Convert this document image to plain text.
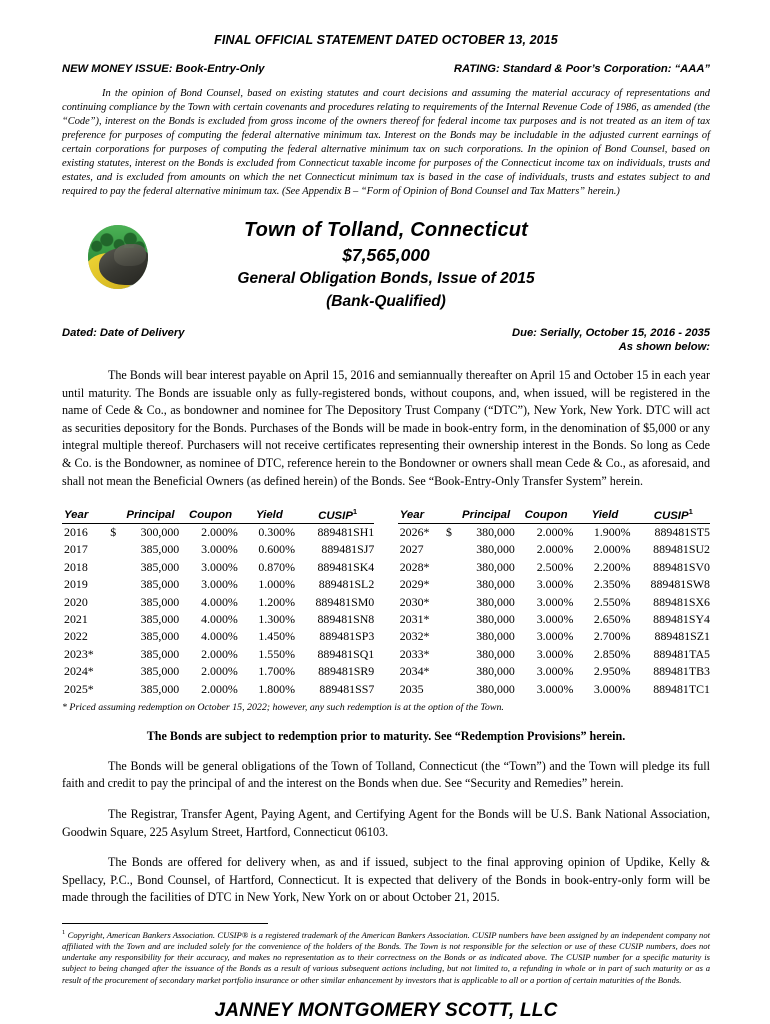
FINAL OFFICIAL STATEMENT DATED OCTOBER 13, 2015
NEW MONEY ISSUE: Book-Entry-Only	RATING: Standard & Poor’s Corporation: “AAA”
In the opinion of Bond Counsel, based on existing statutes and court decisions and assuming the material accuracy of representations and continuing compliance by the Town with certain covenants and procedures relating to requirements of the Internal Revenue Code of 1986, as amended (the “Code”), interest on the Bonds is excluded from gross income of the owners thereof for federal income tax purposes and is not treated as an item of tax preference for purposes of computing the federal alternative minimum tax. Interest on the Bonds may be includable in the adjusted current earnings of certain corporations for purposes of computing the federal alternative minimum tax on such corporations. In the opinion of Bond Counsel, based on existing statutes, interest on the Bonds is excluded from Connecticut taxable income for purposes of the Connecticut income tax on individuals, trusts and estates, and is excluded from amounts on which the net Connecticut minimum tax is based in the case of individuals, trusts and estates subject to and required to pay the federal alternative minimum tax. (See Appendix B – “Form of Opinion of Bond Counsel and Tax Matters” herein.)
Town of Tolland, Connecticut
$7,565,000
General Obligation Bonds, Issue of 2015
(Bank-Qualified)
Dated: Date of Delivery	Due: Serially, October 15, 2016 - 2035
As shown below:
The Bonds will bear interest payable on April 15, 2016 and semiannually thereafter on April 15 and October 15 in each year until maturity. The Bonds are issuable only as fully-registered bonds, without coupons, and, when issued, will be registered in the name of Cede & Co., as bondowner and nominee for The Depository Trust Company (“DTC”), New York, New York. DTC will act as securities depository for the Bonds. Purchases of the Bonds will be made in book-entry form, in the denomination of $5,000 or any integral multiple thereof. Purchasers will not receive certificates representing their ownership interest in the Bonds. So long as Cede & Co. is the Bondowner, as nominee of DTC, reference herein to the Bondowner or owners shall mean Cede & Co., as aforesaid, and shall not mean the Beneficial Owners (as defined herein) of the Bonds. See “Book-Entry-Only Transfer System” herein.
Year		Principal	Coupon	Yield	CUSIP$^1$
2016	$	300,000	2.000%	0.300%	889481SH1
2017		385,000	3.000%	0.600%	889481SJ7
2018		385,000	3.000%	0.870%	889481SK4
2019		385,000	3.000%	1.000%	889481SL2
2020		385,000	4.000%	1.200%	889481SM0
2021		385,000	4.000%	1.300%	889481SN8
2022		385,000	4.000%	1.450%	889481SP3
2023*		385,000	2.000%	1.550%	889481SQ1
2024*		385,000	2.000%	1.700%	889481SR9
2025*		385,000	2.000%	1.800%	889481SS7
Year		Principal	Coupon	Yield	CUSIP$^1$
2026*	$	380,000	2.000%	1.900%	889481ST5
2027		380,000	2.000%	2.000%	889481SU2
2028*		380,000	2.500%	2.200%	889481SV0
2029*		380,000	3.000%	2.350%	889481SW8
2030*		380,000	3.000%	2.550%	889481SX6
2031*		380,000	3.000%	2.650%	889481SY4
2032*		380,000	3.000%	2.700%	889481SZ1
2033*		380,000	3.000%	2.850%	889481TA5
2034*		380,000	3.000%	2.950%	889481TB3
2035		380,000	3.000%	3.000%	889481TC1
* Priced assuming redemption on October 15, 2022; however, any such redemption is at the option of the Town.
The Bonds are subject to redemption prior to maturity. See “Redemption Provisions” herein.
The Bonds will be general obligations of the Town of Tolland, Connecticut (the “Town”) and the Town will pledge its full faith and credit to pay the principal of and the interest on the Bonds when due. See “Security and Remedies” herein.
The Registrar, Transfer Agent, Paying Agent, and Certifying Agent for the Bonds will be U.S. Bank National Association, Goodwin Square, 225 Asylum Street, Hartford, Connecticut 06103.
The Bonds are offered for delivery when, as and if issued, subject to the final approving opinion of Updike, Kelly & Spellacy, P.C., Bond Counsel, of Hartford, Connecticut. It is expected that delivery of the Bonds in book-entry-only form will be made through the facilities of DTC in New York, New York on or about October 21, 2015.
$^1$ Copyright, American Bankers Association. CUSIP® is a registered trademark of the American Bankers Association. CUSIP numbers have been assigned by an independent company not affiliated with the Town and are included solely for the convenience of the holders of the Bonds. The Town is not responsible for the selection or use of these CUSIP numbers, does not undertake any responsibility for their accuracy, and makes no representation as to their correctness on the Bonds or as indicated above. The CUSIP number for a specific maturity is subject to being changed after the issuance of the Bonds as a result of various subsequent actions including, but not limited to, a refunding in whole or in part of such maturity or as a result of the procurement of secondary market portfolio insurance or other similar enhancement by investors that is applicable to all or a portion of certain maturities of the Bonds.
JANNEY MONTGOMERY SCOTT, LLC
